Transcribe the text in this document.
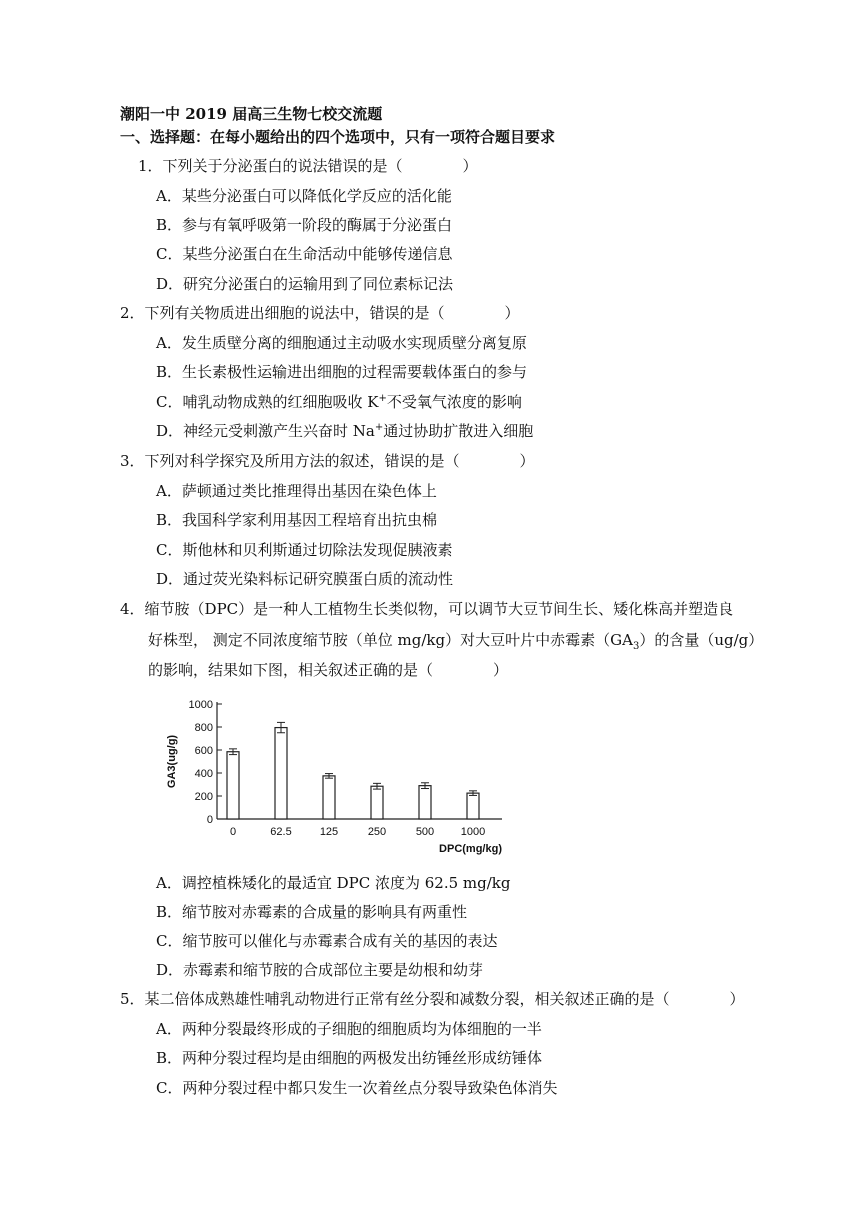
潮阳一中 2019 届高三生物七校交流题
一、选择题：在每小题给出的四个选项中，只有一项符合题目要求
1．下列关于分泌蛋白的说法错误的是（　　　　）
A．某些分泌蛋白可以降低化学反应的活化能
B．参与有氧呼吸第一阶段的酶属于分泌蛋白
C．某些分泌蛋白在生命活动中能够传递信息
D．研究分泌蛋白的运输用到了同位素标记法
2．下列有关物质进出细胞的说法中，错误的是（　　　　）
A．发生质壁分离的细胞通过主动吸水实现质壁分离复原
B．生长素极性运输进出细胞的过程需要载体蛋白的参与
C．哺乳动物成熟的红细胞吸收 K+不受氧气浓度的影响
D．神经元受刺激产生兴奋时 Na+通过协助扩散进入细胞
3．下列对科学探究及所用方法的叙述，错误的是（　　　　）
A．萨顿通过类比推理得出基因在染色体上
B．我国科学家利用基因工程培育出抗虫棉
C．斯他林和贝利斯通过切除法发现促胰液素
D．通过荧光染料标记研究膜蛋白质的流动性
4．缩节胺（DPC）是一种人工植物生长类似物，可以调节大豆节间生长、矮化株高并塑造良
好株型， 测定不同浓度缩节胺（单位 mg/kg）对大豆叶片中赤霉素$(GA_3)$的含量（ug/g）
的影响，结果如下图，相关叙述正确的是（　　　　）
0
200
400
600
800
1000
0	62.5	125	250	500 1000
GA3(ug/g)
DPC(mg/kg)
A．调控植株矮化的最适宜 DPC 浓度为 62.5 mg/kg
B．缩节胺对赤霉素的合成量的影响具有两重性
C．缩节胺可以催化与赤霉素合成有关的基因的表达
D．赤霉素和缩节胺的合成部位主要是幼根和幼芽
5．某二倍体成熟雄性哺乳动物进行正常有丝分裂和减数分裂，相关叙述正确的是（　　　　）
A．两种分裂最终形成的子细胞的细胞质均为体细胞的一半
B．两种分裂过程均是由细胞的两极发出纺锤丝形成纺锤体
C．两种分裂过程中都只发生一次着丝点分裂导致染色体消失
